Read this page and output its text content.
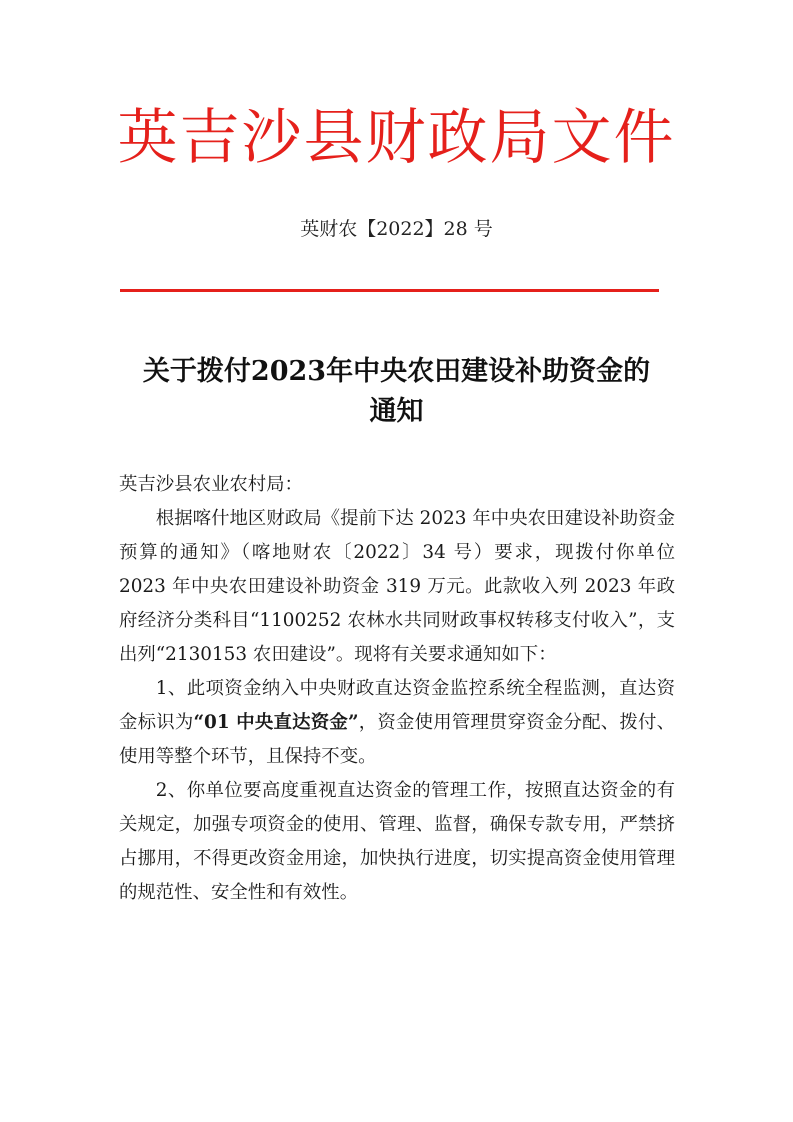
英吉沙县财政局文件
英财农【2022】28 号
关于拨付2023年中央农田建设补助资金的
通知

英吉沙县农业农村局：

根据喀什地区财政局《提前下达 2023 年中央农田建设补助资金预算的通知》（喀地财农〔2022〕34 号）要求，现拨付你单位 2023 年中央农田建设补助资金 319 万元。此款收入列 2023 年政府经济分类科目“1100252 农林水共同财政事权转移支付收入”，支出列“2130153 农田建设”。现将有关要求通知如下：

1、此项资金纳入中央财政直达资金监控系统全程监测，直达资金标识为“01 中央直达资金”，资金使用管理贯穿资金分配、拨付、使用等整个环节，且保持不变。

2、你单位要高度重视直达资金的管理工作，按照直达资金的有关规定，加强专项资金的使用、管理、监督，确保专款专用，严禁挤占挪用，不得更改资金用途，加快执行进度，切实提高资金使用管理的规范性、安全性和有效性。
